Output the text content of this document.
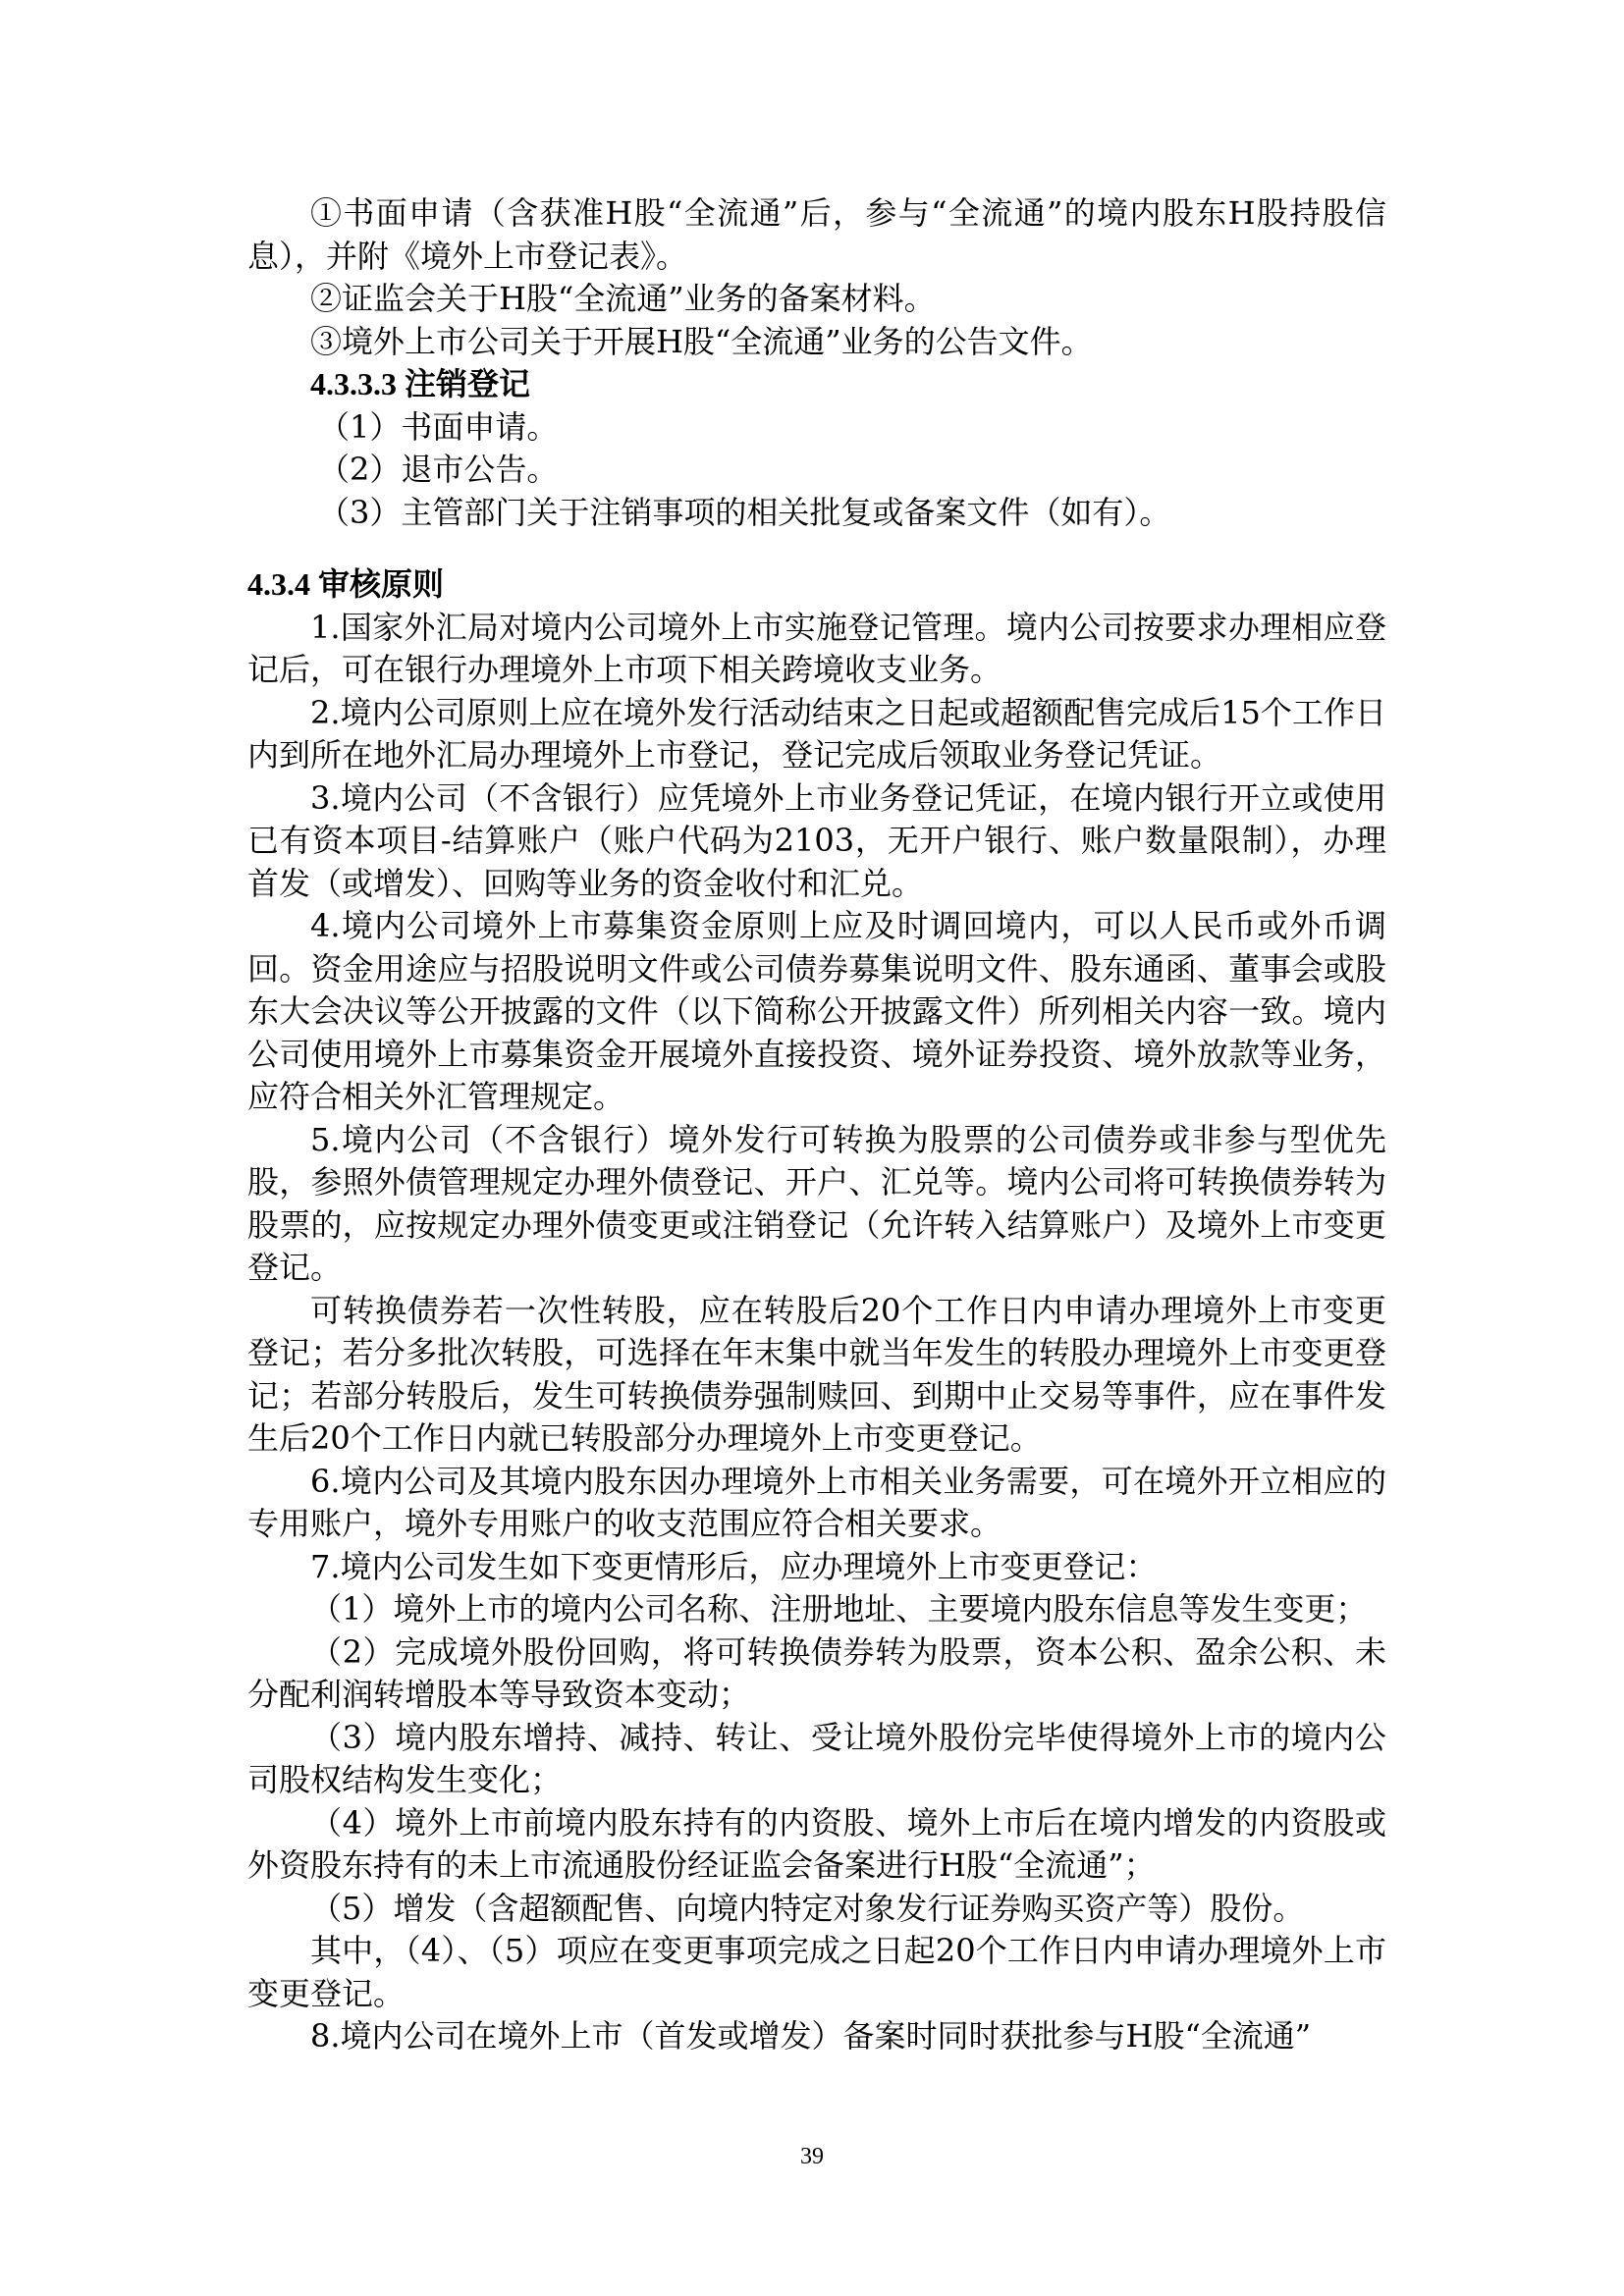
①书面申请（含获准H股“全流通”后，参与“全流通”的境内股东H股持股信息），并附《境外上市登记表》。

②证监会关于H股“全流通”业务的备案材料。

③境外上市公司关于开展H股“全流通”业务的公告文件。

4.3.3.3 注销登记

（1）书面申请。

（2）退市公告。

（3）主管部门关于注销事项的相关批复或备案文件（如有）。

4.3.4 审核原则

1.国家外汇局对境内公司境外上市实施登记管理。境内公司按要求办理相应登记后，可在银行办理境外上市项下相关跨境收支业务。

2.境内公司原则上应在境外发行活动结束之日起或超额配售完成后15个工作日内到所在地外汇局办理境外上市登记，登记完成后领取业务登记凭证。

3.境内公司（不含银行）应凭境外上市业务登记凭证，在境内银行开立或使用已有资本项目-结算账户（账户代码为2103，无开户银行、账户数量限制），办理首发（或增发）、回购等业务的资金收付和汇兑。

4.境内公司境外上市募集资金原则上应及时调回境内，可以人民币或外币调回。资金用途应与招股说明文件或公司债券募集说明文件、股东通函、董事会或股东大会决议等公开披露的文件（以下简称公开披露文件）所列相关内容一致。境内公司使用境外上市募集资金开展境外直接投资、境外证券投资、境外放款等业务，应符合相关外汇管理规定。

5.境内公司（不含银行）境外发行可转换为股票的公司债券或非参与型优先股，参照外债管理规定办理外债登记、开户、汇兑等。境内公司将可转换债券转为股票的，应按规定办理外债变更或注销登记（允许转入结算账户）及境外上市变更登记。

可转换债券若一次性转股，应在转股后20个工作日内申请办理境外上市变更登记；若分多批次转股，可选择在年末集中就当年发生的转股办理境外上市变更登记；若部分转股后，发生可转换债券强制赎回、到期中止交易等事件，应在事件发生后20个工作日内就已转股部分办理境外上市变更登记。

6.境内公司及其境内股东因办理境外上市相关业务需要，可在境外开立相应的专用账户，境外专用账户的收支范围应符合相关要求。

7.境内公司发生如下变更情形后，应办理境外上市变更登记：

（1）境外上市的境内公司名称、注册地址、主要境内股东信息等发生变更；

（2）完成境外股份回购，将可转换债券转为股票，资本公积、盈余公积、未分配利润转增股本等导致资本变动；

（3）境内股东增持、减持、转让、受让境外股份完毕使得境外上市的境内公司股权结构发生变化；

（4）境外上市前境内股东持有的内资股、境外上市后在境内增发的内资股或外资股东持有的未上市流通股份经证监会备案进行H股“全流通”；

（5）增发（含超额配售、向境内特定对象发行证券购买资产等）股份。

其中，（4）、（5）项应在变更事项完成之日起20个工作日内申请办理境外上市变更登记。

8.境内公司在境外上市（首发或增发）备案时同时获批参与H股“全流通”

39
